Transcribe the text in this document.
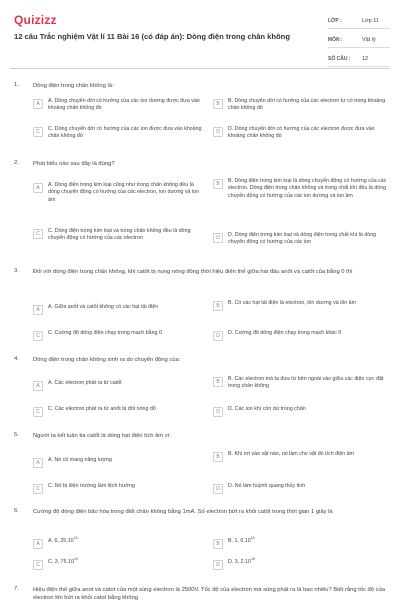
Quizizz
12 câu Trắc nghiệm Vật lí 11 Bài 16 (có đáp án): Dòng điện trong chân không
LỚP :	Lớp 11
MÔN :	Vật lý
SỐ CÂU :	12
1. Dòng điện trong chân không là:
A	A. Dòng chuyển dời có hướng của các ion dương được đưa vào khoảng chân không đó
B	B. Dòng chuyển dời có hướng của các electron tự có trong khoảng chân không đó
C	C. Dòng chuyển dời có hướng của các ion được đưa vào khoảng chân không đó
D	D. Dòng chuyển dời có hướng của các electron được đưa vào khoảng chân không đó
2. Phát biểu nào sau đây là đúng?
A	A. Dòng điện trong kim loại cũng như trong chân không đều là dòng chuyển động có hướng của các electron, ion dương và ion âm
B	B. Dòng điện trong kim loại là dòng chuyển động có hướng của các electron. Dòng điện trong chân không và trong chất khí đều là dòng chuyển động có hướng của các ion dương và ion âm
C	C. Dòng điện trong kim loại và trong chân không đều là dòng chuyển động có hướng của các electron	D	D. Dòng điện trong kim loại và dòng điện trong chất khí là dòng chuyển động có hướng của các ion
3. Đối với dòng điện trong chân không, khi catôt bị nung nóng đồng thời hiệu điện thế giữa hai đầu anốt và catốt của bằng 0 thì
A	A. Giữa anốt và catốt không có các hạt tải điện	B	B. Có các hạt tải điện là electron, iôn dương và iôn âm
C	C. Cường độ dòng điện chạy trong mạch bằng 0	D	D. Cường độ dòng điện chạy trong mạch khác 0
4. Dòng điện trong chân không sinh ra do chuyển động của:
A	A. Các electron phát ra từ catốt	B	B. Các electron mà ta đưa từ bên ngoài vào giữa các điện cực đặt trong chân không
C	C. Các electron phát ra từ anốt bị đốt nóng đỏ	D	D. Các ion khí còn dư trong chân
5. Người ta kết luận tia catốt là dòng hạt điện tích âm vì:
A	A. Nó có mang năng lượng	B	B. Khi rơi vào vật nào, nó làm cho vật đó tích điện âm
C	C. Nó bị điện trường làm lệch hướng	D	D. Nó làm huỳnh quang thủy tinh
6. Cường độ dòng điện bão hòa trong điốt chân không bằng 1mA. Số electron bứt ra khỏi catốt trong thời gian 1 giây là
A	A. 6, 25.10$^{15}$
B	B. 1, 6.10$^{15}$
C	C. 3, 75.10$^{15}$
D	D. 3, 2.10$^{15}$
7. Hiệu điện thế giữa anot và catot của một súng electron là 2500V. Tốc độ của electron mà súng phát ra là bao nhiêu? Biết rằng tốc độ của electron khi bứt ra khỏi catot bằng không
